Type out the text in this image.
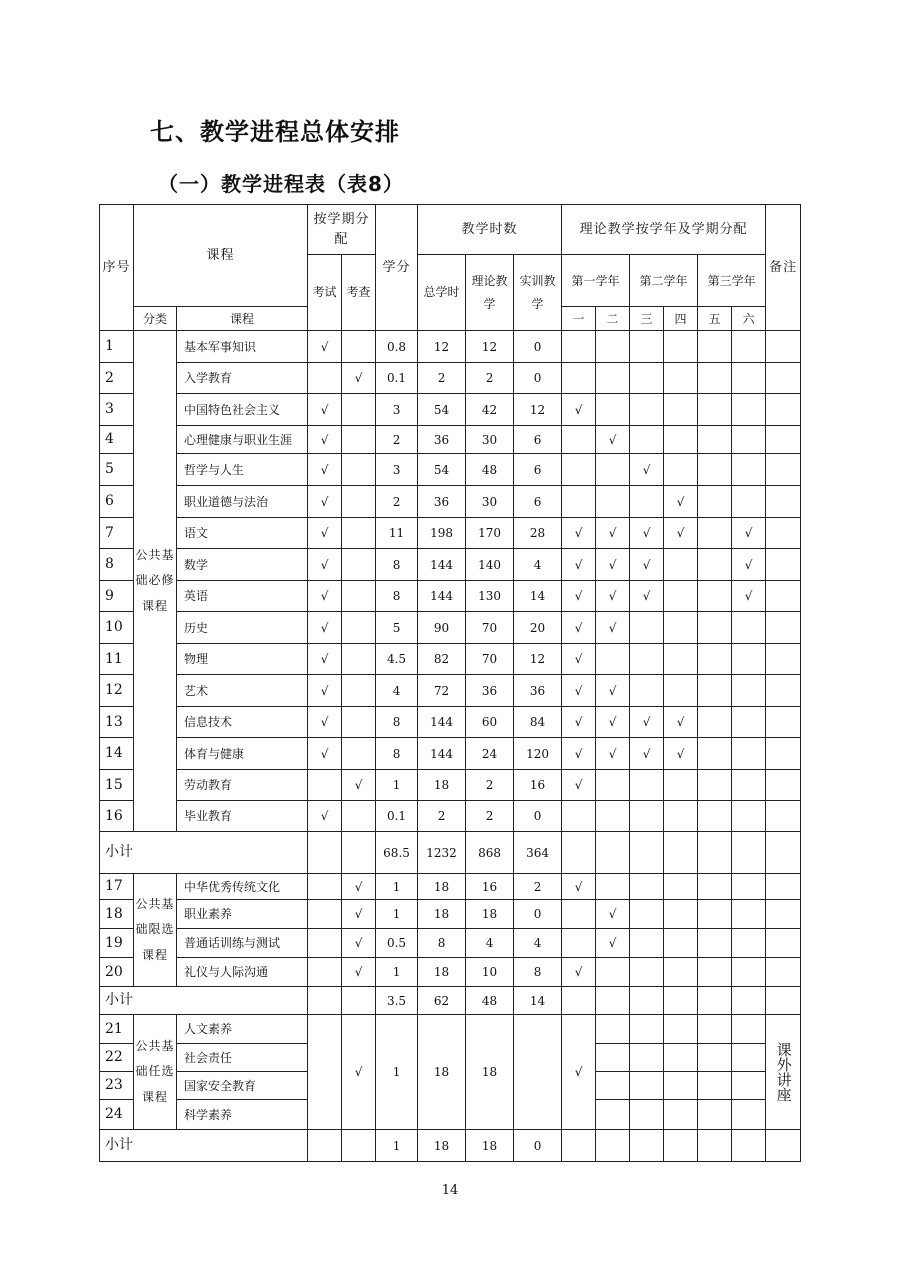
七、教学进程总体安排
（一）教学进程表（表8）
序号	课程		按学期分配		学分	教学时数			理论教学按学年及学期分配						备注
			考试	考查		总学时	理论教学	实训教学	第一学年		第二学年		第三学年		
	分类	课程							一	二	三	四	五	六	
1	公共基础必修课程	基本军事知识	√		0.8	12	12	0							
2		入学教育		√	0.1	2	2	0							
3		中国特色社会主义	√		3	54	42	12	√						
4		心理健康与职业生涯	√		2	36	30	6		√					
5		哲学与人生	√		3	54	48	6			√				
6		职业道德与法治	√		2	36	30	6				√			
7		语文	√		11	198	170	28	√	√	√	√		√	
8		数学	√		8	144	140	4	√	√	√			√	
9		英语	√		8	144	130	14	√	√	√			√	
10		历史	√		5	90	70	20	√	√					
11		物理	√		4.5	82	70	12	√						
12		艺术	√		4	72	36	36	√	√					
13		信息技术	√		8	144	60	84	√	√	√	√			
14		体育与健康	√		8	144	24	120	√	√	√	√			
15		劳动教育		√	1	18	2	16	√						
16		毕业教育	√		0.1	2	2	0							
小计					68.5	1232	868	364							
17	公共基础限选课程	中华优秀传统文化		√	1	18	16	2	√						
18		职业素养		√	1	18	18	0		√					
19		普通话训练与测试		√	0.5	8	4	4		√					
20		礼仪与人际沟通		√	1	18	10	8	√						
小计					3.5	62	48	14							
21	公共基础任选课程	人文素养		√	1	18	18		√						课外讲座
22		社会责任													
23		国家安全教育													
24		科学素养													
小计					1	18	18	0							
14
